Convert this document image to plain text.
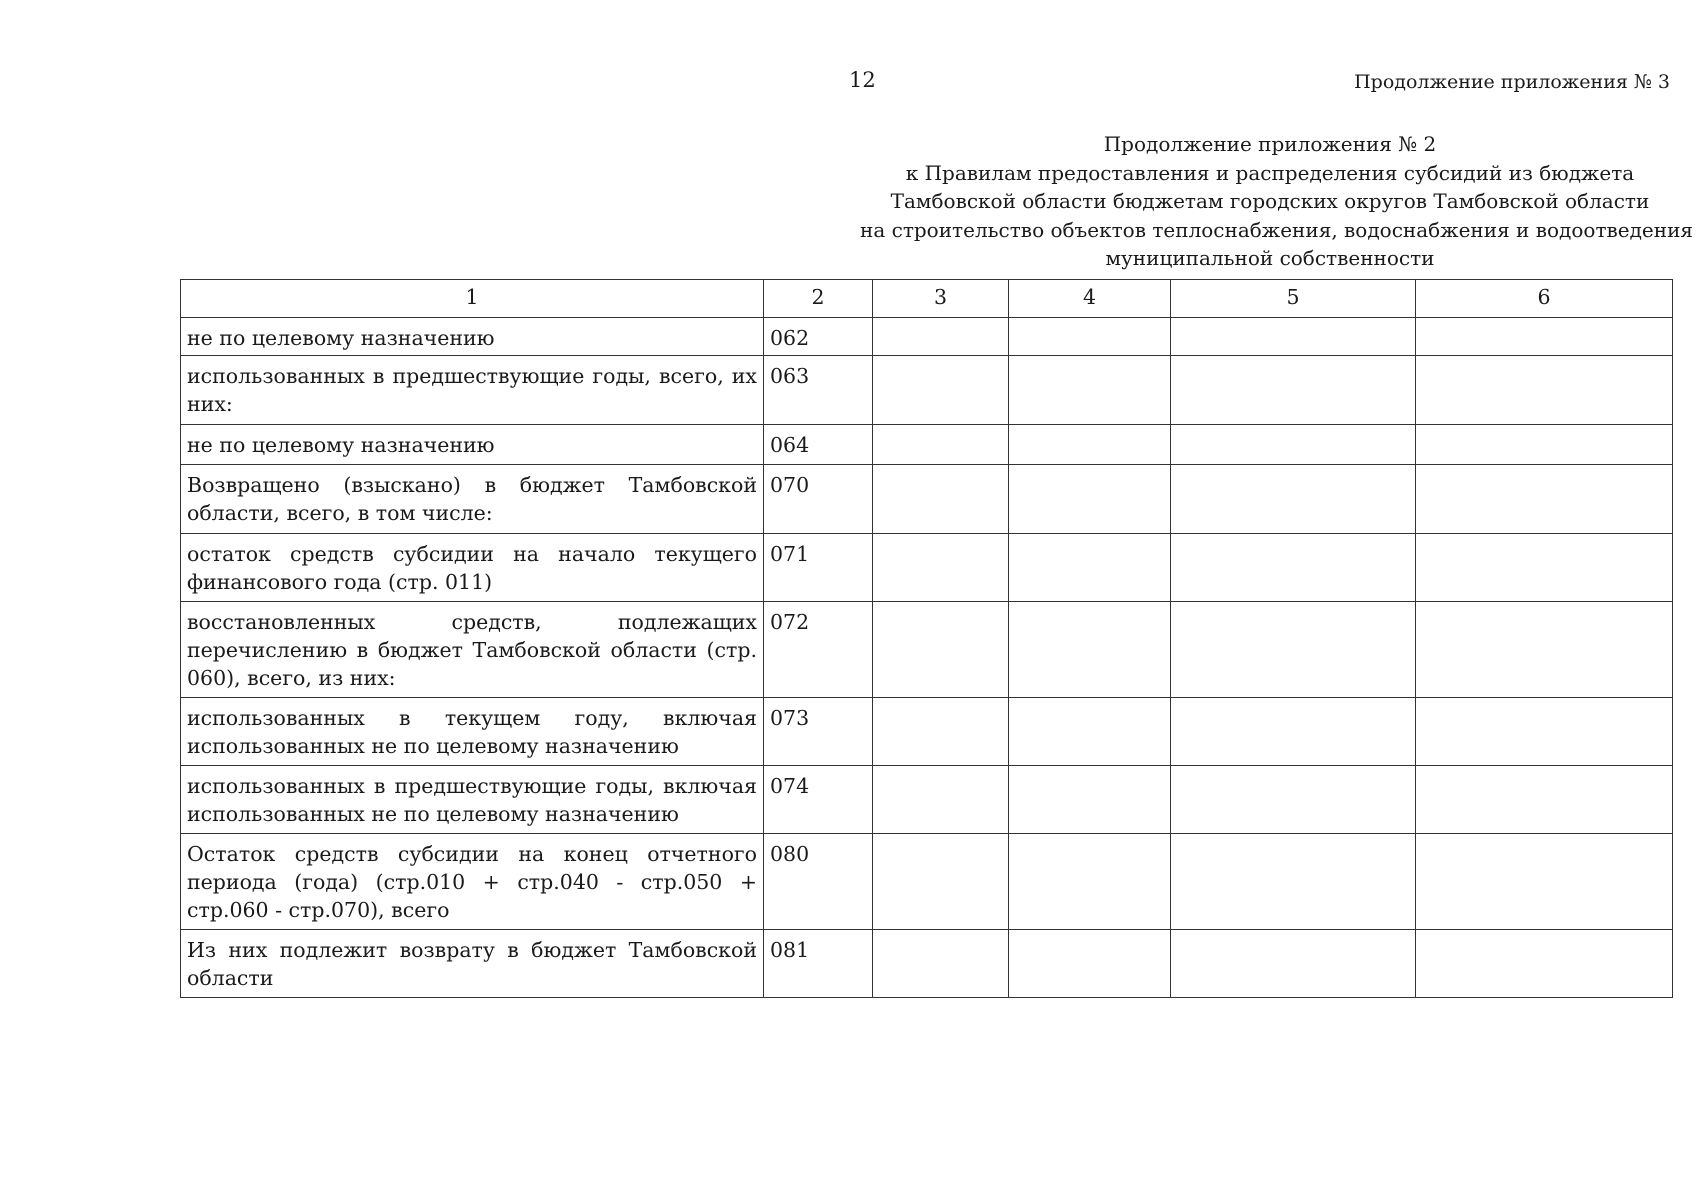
12	Продолжение приложения № 3
Продолжение приложения № 2
к Правилам предоставления и распределения субсидий из бюджета
Тамбовской области бюджетам городских округов Тамбовской области
на строительство объектов теплоснабжения, водоснабжения и водоотведения
муниципальной собственности
1	2	3	4	5	6
не по целевому назначению	062				
использованных в предшествующие годы, всего, их них:	063				
не по целевому назначению	064				
Возвращено (взыскано) в бюджет Тамбовской области, всего, в том числе:	070				
остаток средств субсидии на начало текущего финансового года (стр. 011)	071				
восстановленных средств, подлежащих перечислению в бюджет Тамбовской области (стр. 060), всего, из них:	072				
использованных в текущем году, включая использованных не по целевому назначению	073				
использованных в предшествующие годы, включая использованных не по целевому назначению	074				
Остаток средств субсидии на конец отчетного периода (года) (стр.010 + стр.040 - стр.050 + стр.060 - стр.070), всего	080				
Из них подлежит возврату в бюджет Тамбовской области	081				
